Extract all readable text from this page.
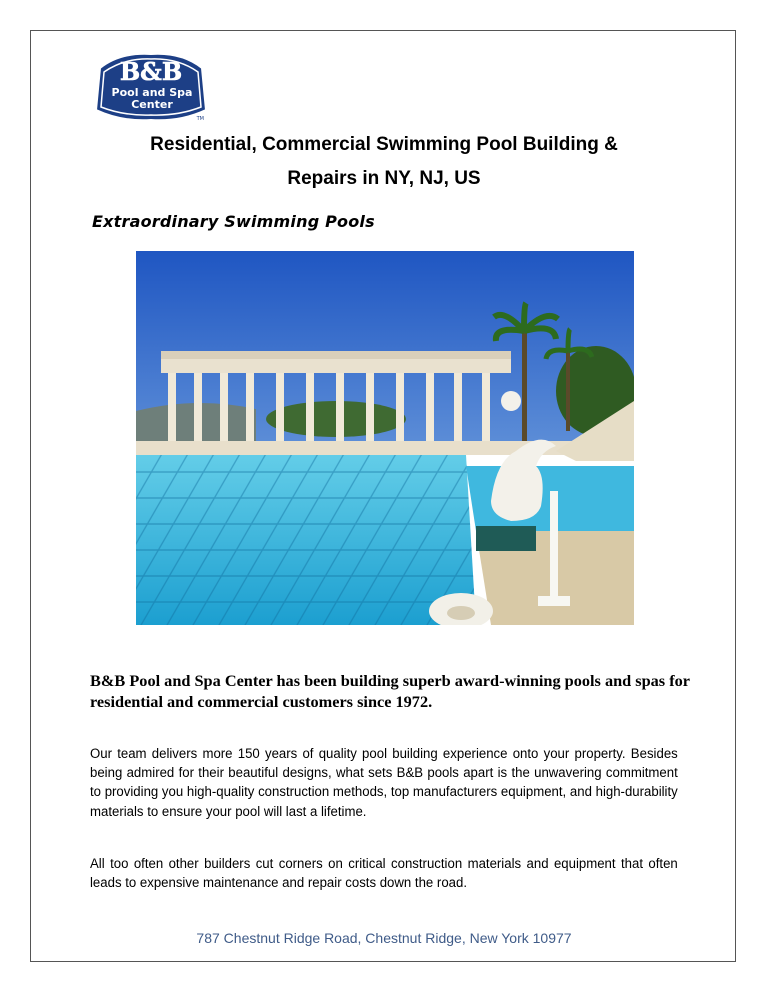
B&B
Pool and Spa
Center
TM
Residential, Commercial Swimming Pool Building &
Repairs in NY, NJ, US
Extraordinary Swimming Pools
B&B Pool and Spa Center has been building superb award-winning pools and spas for residential and commercial customers since 1972.
Our team delivers more 150 years of quality pool building experience onto your property. Besides being admired for their beautiful designs, what sets B&B pools apart is the unwavering commitment to providing you high-quality construction methods, top manufacturers equipment, and high-durability materials to ensure your pool will last a lifetime.
All too often other builders cut corners on critical construction materials and equipment that often leads to expensive maintenance and repair costs down the road.
787 Chestnut Ridge Road, Chestnut Ridge, New York 10977
